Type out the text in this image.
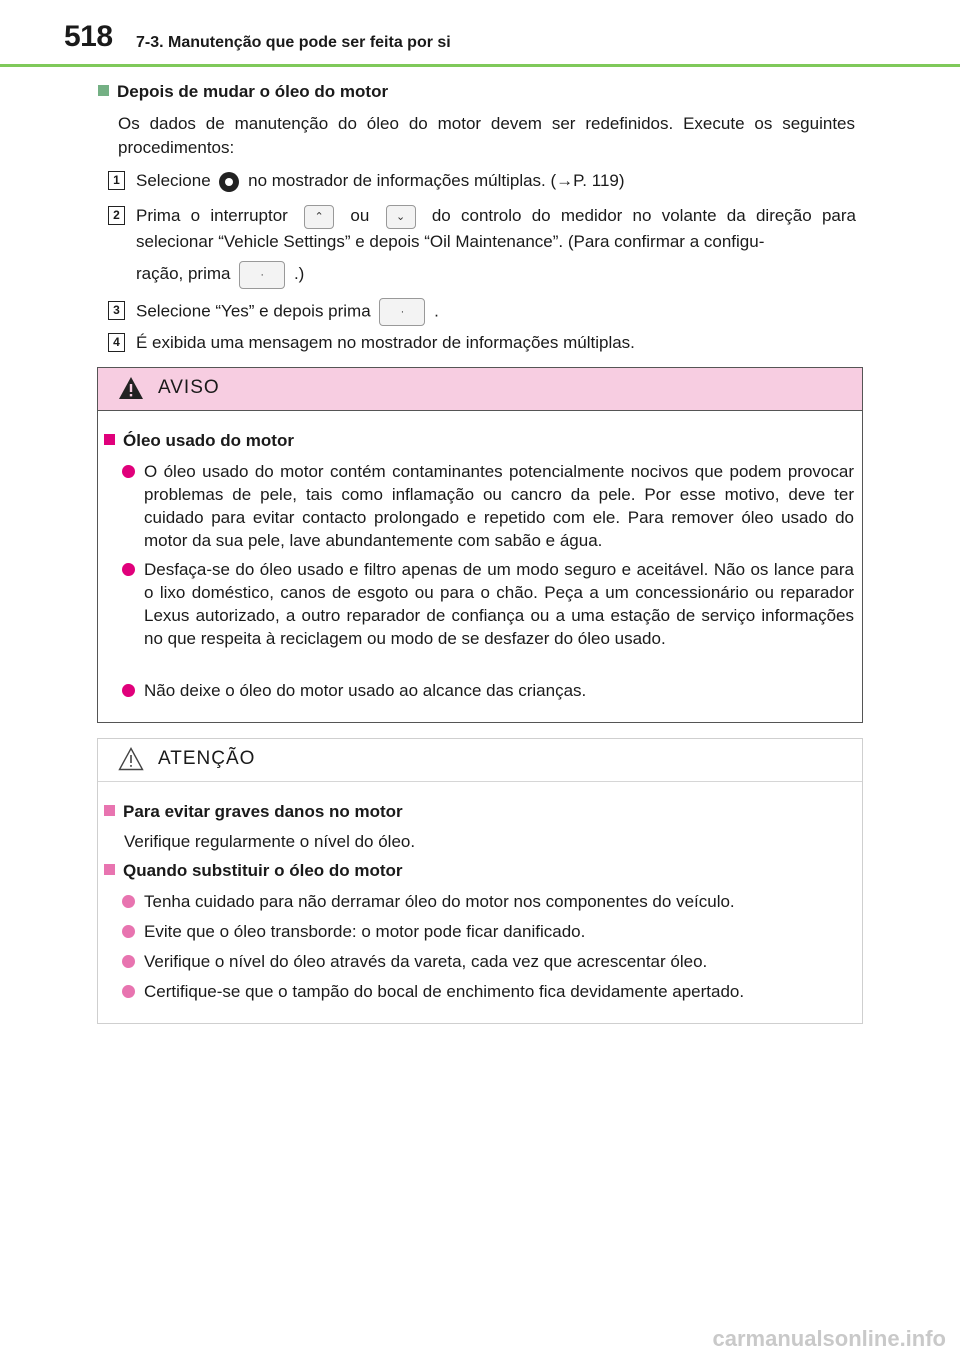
518 7-3. Manutenção que pode ser feita por si
Depois de mudar o óleo do motor
Os dados de manutenção do óleo do motor devem ser redefinidos. Execute os seguintes procedimentos:
1 Selecione no mostrador de informações múltiplas. (→P. 119)
2 Prima o interruptor ⌃ ou ⌄ do controlo do medidor no volante da direção para selecionar “Vehicle Settings” e depois “Oil Maintenance”. (Para confirmar a configu-
ração, prima	· .)
3 Selecione “Yes” e depois prima	· .
4 É exibida uma mensagem no mostrador de informações múltiplas.
AVISO
Óleo usado do motor
O óleo usado do motor contém contaminantes potencialmente nocivos que podem provocar problemas de pele, tais como inflamação ou cancro da pele. Por esse motivo, deve ter cuidado para evitar contacto prolongado e repetido com ele. Para remover óleo usado do motor da sua pele, lave abundantemente com sabão e água.
Desfaça-se do óleo usado e filtro apenas de um modo seguro e aceitável. Não os lance para o lixo doméstico, canos de esgoto ou para o chão. Peça a um concessionário ou reparador Lexus autorizado, a outro reparador de confiança ou a uma estação de serviço informações no que respeita à reciclagem ou modo de se desfazer do óleo usado.
Não deixe o óleo do motor usado ao alcance das crianças.
ATENÇÃO
Para evitar graves danos no motor
Verifique regularmente o nível do óleo.
Quando substituir o óleo do motor
Tenha cuidado para não derramar óleo do motor nos componentes do veículo.
Evite que o óleo transborde: o motor pode ficar danificado.
Verifique o nível do óleo através da vareta, cada vez que acrescentar óleo.
Certifique-se que o tampão do bocal de enchimento fica devidamente apertado.
carmanualsonline.info
